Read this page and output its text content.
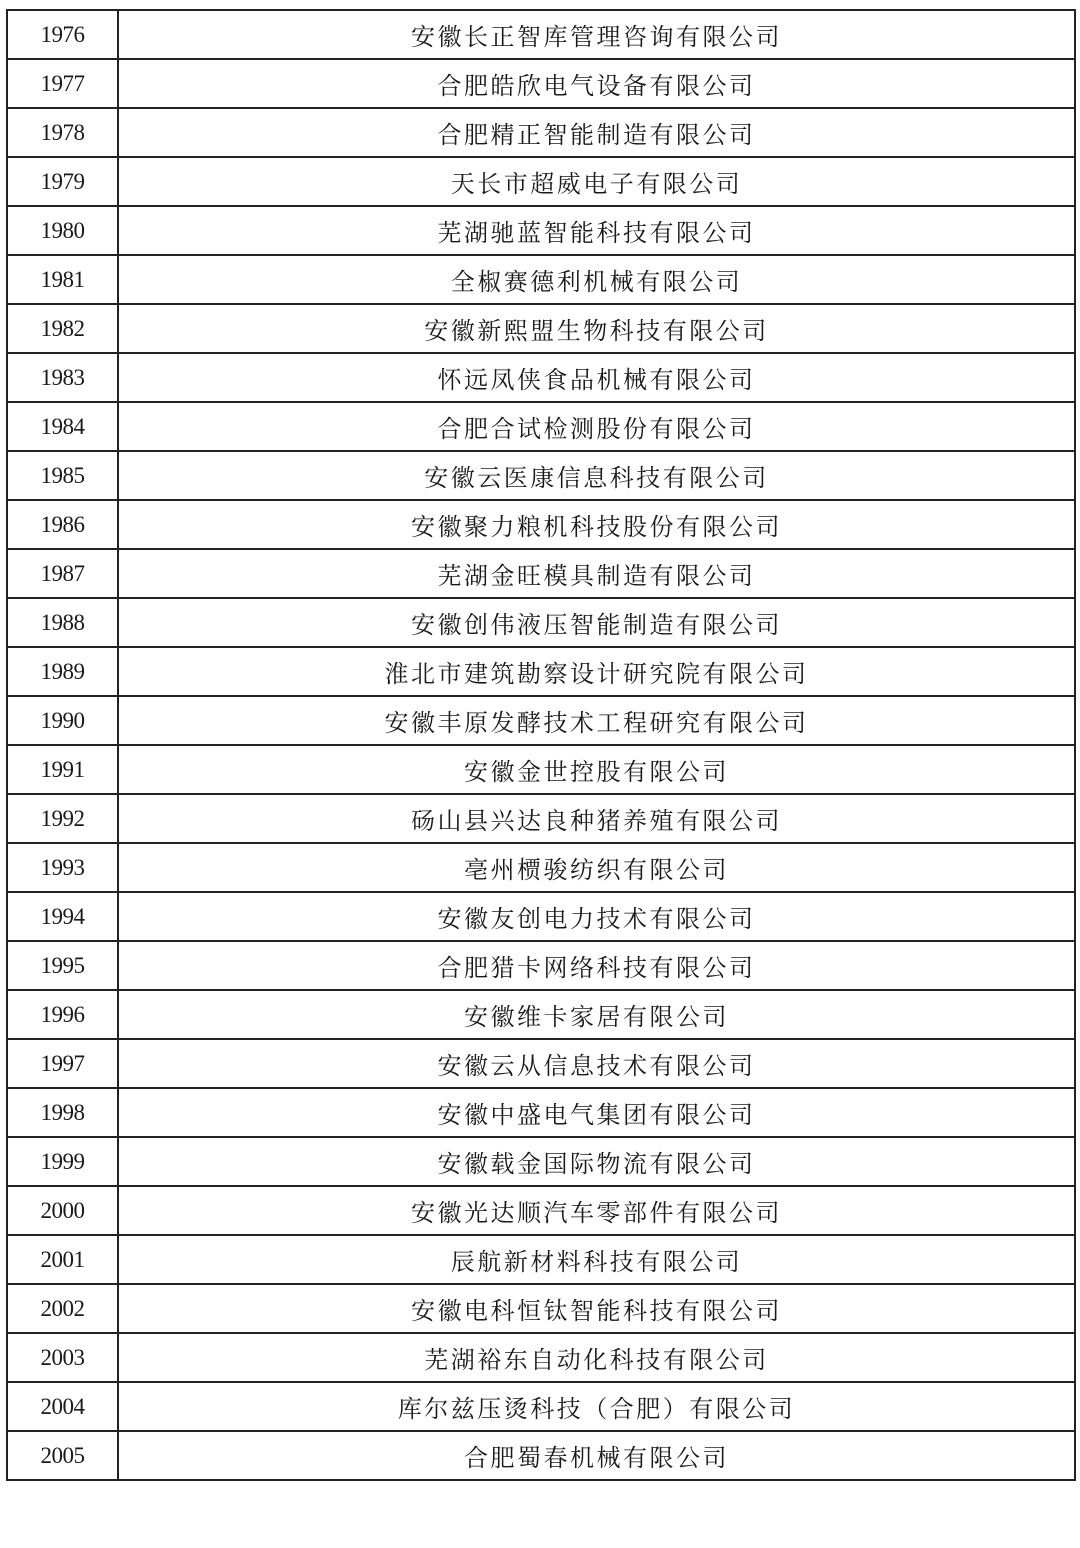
1976	安徽长正智库管理咨询有限公司
1977	合肥皓欣电气设备有限公司
1978	合肥精正智能制造有限公司
1979	天长市超威电子有限公司
1980	芜湖驰蓝智能科技有限公司
1981	全椒赛德利机械有限公司
1982	安徽新熙盟生物科技有限公司
1983	怀远凤侠食品机械有限公司
1984	合肥合试检测股份有限公司
1985	安徽云医康信息科技有限公司
1986	安徽聚力粮机科技股份有限公司
1987	芜湖金旺模具制造有限公司
1988	安徽创伟液压智能制造有限公司
1989	淮北市建筑勘察设计研究院有限公司
1990	安徽丰原发酵技术工程研究有限公司
1991	安徽金世控股有限公司
1992	砀山县兴达良种猪养殖有限公司
1993	亳州槚骏纺织有限公司
1994	安徽友创电力技术有限公司
1995	合肥猎卡网络科技有限公司
1996	安徽维卡家居有限公司
1997	安徽云从信息技术有限公司
1998	安徽中盛电气集团有限公司
1999	安徽载金国际物流有限公司
2000	安徽光达顺汽车零部件有限公司
2001	辰航新材料科技有限公司
2002	安徽电科恒钛智能科技有限公司
2003	芜湖裕东自动化科技有限公司
2004	库尔兹压烫科技（合肥）有限公司
2005	合肥蜀春机械有限公司
